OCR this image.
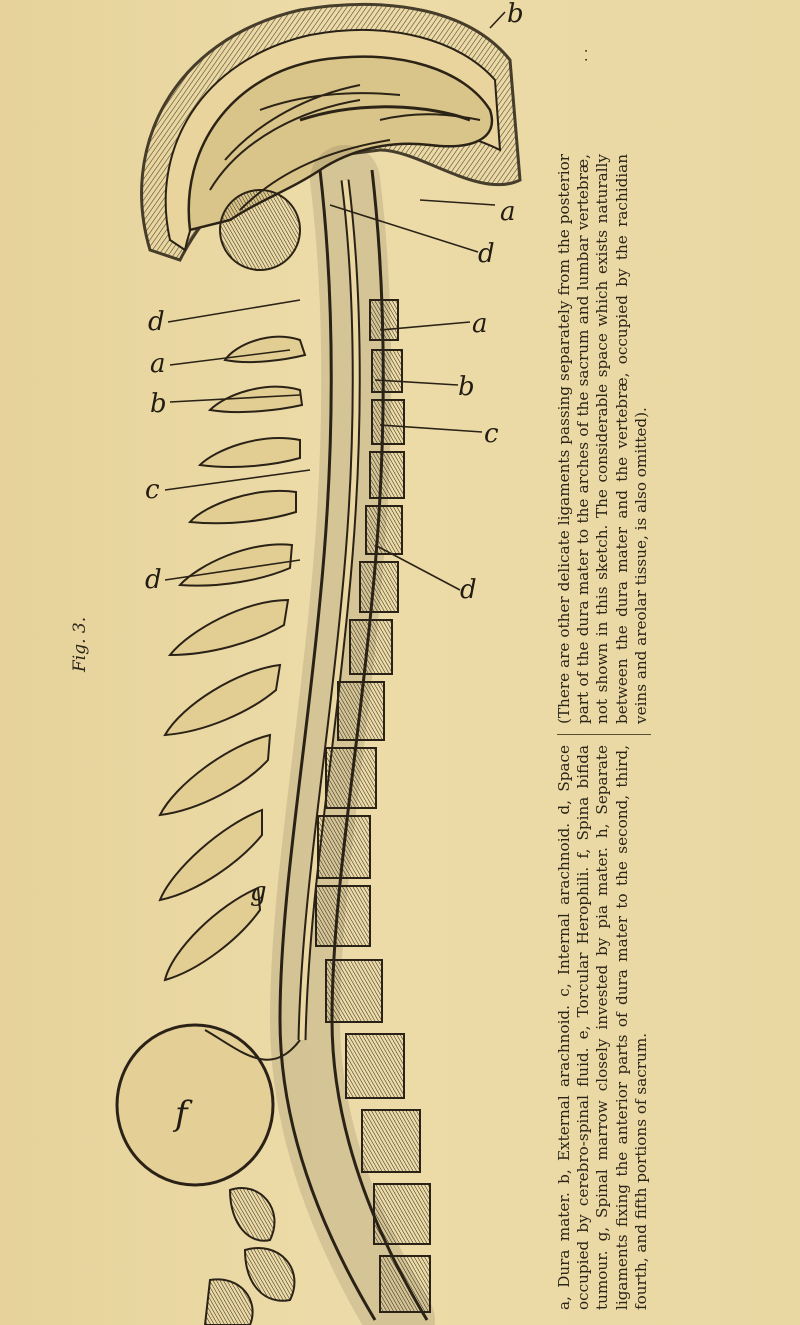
Fig. 3.
b
a
d
a
b
c
d
d
a
b
c
d
g
f	a, Dura mater. b, External arachnoid. c, Internal arachnoid. d, Space occupied by cerebro-spinal fluid. e, Torcular Herophili. f, Spina bifida tumour. g, Spinal marrow closely invested by pia mater. h, Separate ligaments fixing the anterior parts of dura mater to the second, third, fourth, and fifth portions of sacrum.
(There are other delicate ligaments passing separately from the posterior part of the dura mater to the arches of the sacrum and lumbar vertebræ, not shown in this sketch. The considerable space which exists naturally between the dura mater and the vertebræ, occupied by the rachidian veins and areolar tissue, is also omitted).
. .
